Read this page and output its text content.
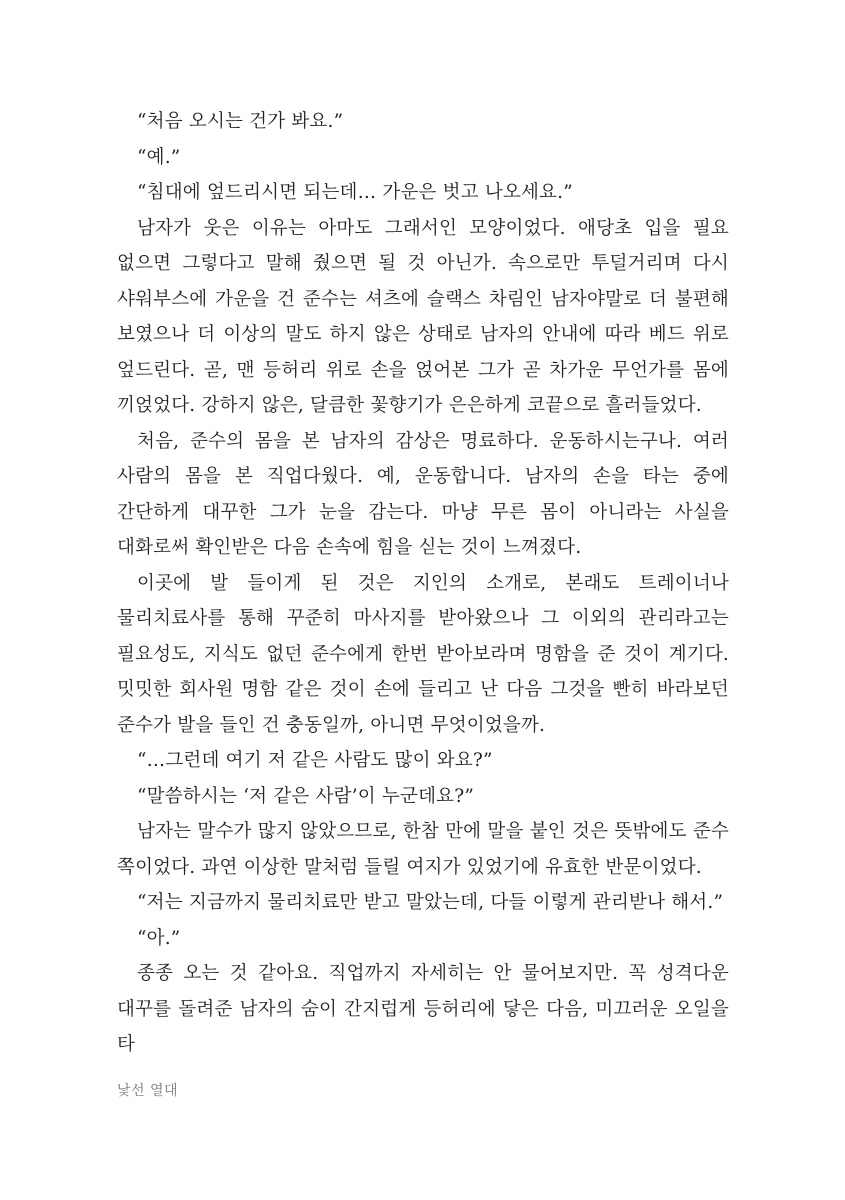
“처음 오시는 건가 봐요.”

“예.”

“침대에 엎드리시면 되는데… 가운은 벗고 나오세요.”

남자가 웃은 이유는 아마도 그래서인 모양이었다. 애당초 입을 필요 없으면 그렇다고 말해 줬으면 될 것 아닌가. 속으로만 투덜거리며 다시 샤워부스에 가운을 건 준수는 셔츠에 슬랙스 차림인 남자야말로 더 불편해 보였으나 더 이상의 말도 하지 않은 상태로 남자의 안내에 따라 베드 위로 엎드린다. 곧, 맨 등허리 위로 손을 얹어본 그가 곧 차가운 무언가를 몸에 끼얹었다. 강하지 않은, 달큼한 꽃향기가 은은하게 코끝으로 흘러들었다.

처음, 준수의 몸을 본 남자의 감상은 명료하다. 운동하시는구나. 여러 사람의 몸을 본 직업다웠다. 예, 운동합니다. 남자의 손을 타는 중에 간단하게 대꾸한 그가 눈을 감는다. 마냥 무른 몸이 아니라는 사실을 대화로써 확인받은 다음 손속에 힘을 싣는 것이 느껴졌다.

이곳에 발 들이게 된 것은 지인의 소개로, 본래도 트레이너나 물리치료사를 통해 꾸준히 마사지를 받아왔으나 그 이외의 관리라고는 필요성도, 지식도 없던 준수에게 한번 받아보라며 명함을 준 것이 계기다. 밋밋한 회사원 명함 같은 것이 손에 들리고 난 다음 그것을 빤히 바라보던 준수가 발을 들인 건 충동일까, 아니면 무엇이었을까.

“…그런데 여기 저 같은 사람도 많이 와요?”

“말씀하시는 ‘저 같은 사람’이 누군데요?”

남자는 말수가 많지 않았으므로, 한참 만에 말을 붙인 것은 뜻밖에도 준수 쪽이었다. 과연 이상한 말처럼 들릴 여지가 있었기에 유효한 반문이었다.

“저는 지금까지 물리치료만 받고 말았는데, 다들 이렇게 관리받나 해서.”

“아.”

종종 오는 것 같아요. 직업까지 자세히는 안 물어보지만. 꼭 성격다운 대꾸를 돌려준 남자의 숨이 간지럽게 등허리에 닿은 다음, 미끄러운 오일을 타

낯선 열대
